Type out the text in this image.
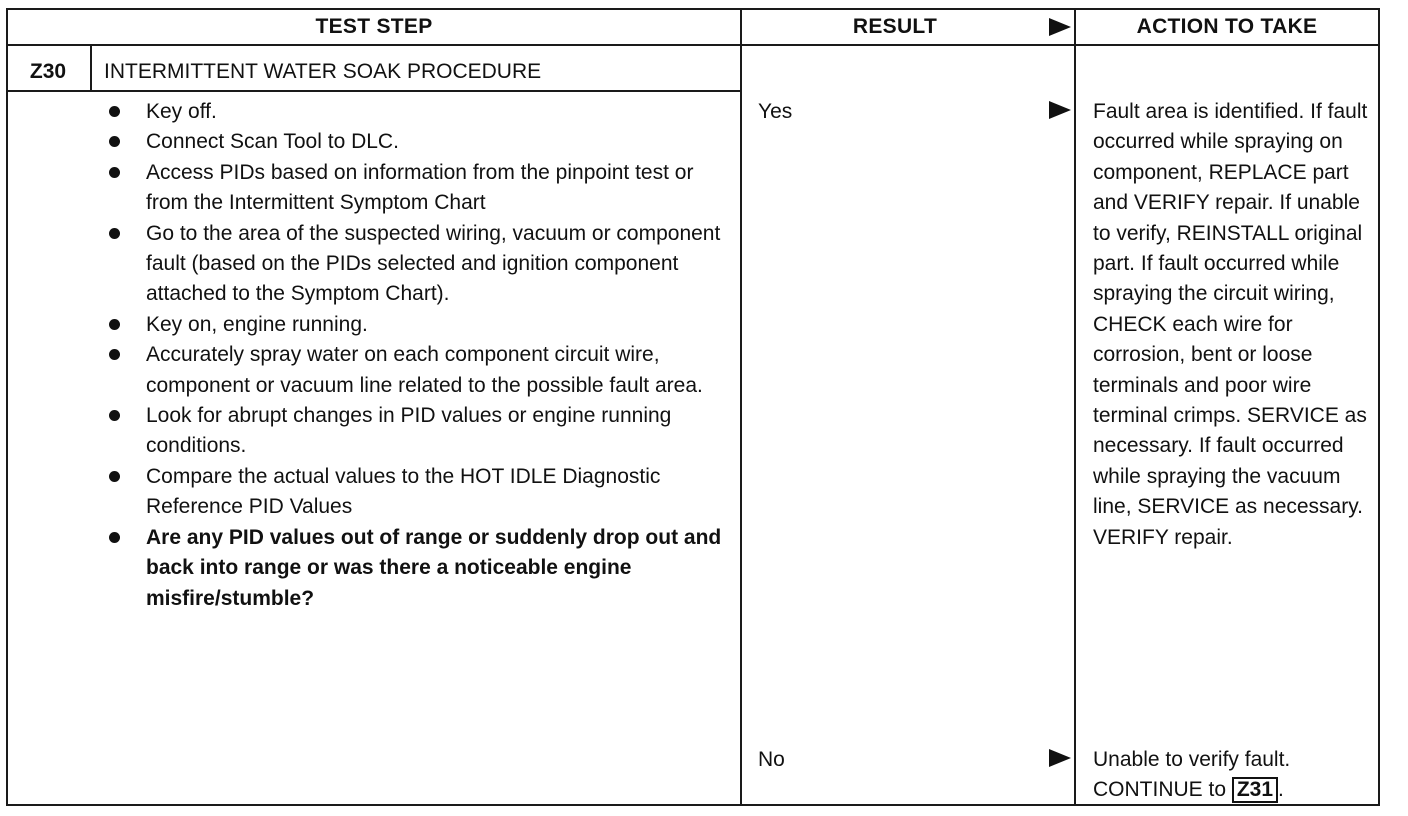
TEST STEP	RESULT	ACTION TO TAKE
Z30	INTERMITTENT WATER SOAK PROCEDURE
Key off.
Connect Scan Tool to DLC.
Access PIDs based on information from the pinpoint test or from the Intermittent Symptom Chart
Go to the area of the suspected wiring, vacuum or component fault (based on the PIDs selected and ignition component attached to the Symptom Chart).
Key on, engine running.
Accurately spray water on each component circuit wire, component or vacuum line related to the possible fault area.
Look for abrupt changes in PID values or engine running conditions.
Compare the actual values to the HOT IDLE Diagnostic Reference PID Values
Are any PID values out of range or suddenly drop out and back into range or was there a noticeable engine misfire/stumble?
Yes	Fault area is identified. If fault occurred while spraying on component, REPLACE part and VERIFY repair. If unable to verify, REINSTALL original part. If fault occurred while spraying the circuit wiring, CHECK each wire for corrosion, bent or loose terminals and poor wire terminal crimps. SERVICE as necessary. If fault occurred while spraying the vacuum line, SERVICE as necessary. VERIFY repair.
No	Unable to verify fault. CONTINUE to Z31 .
